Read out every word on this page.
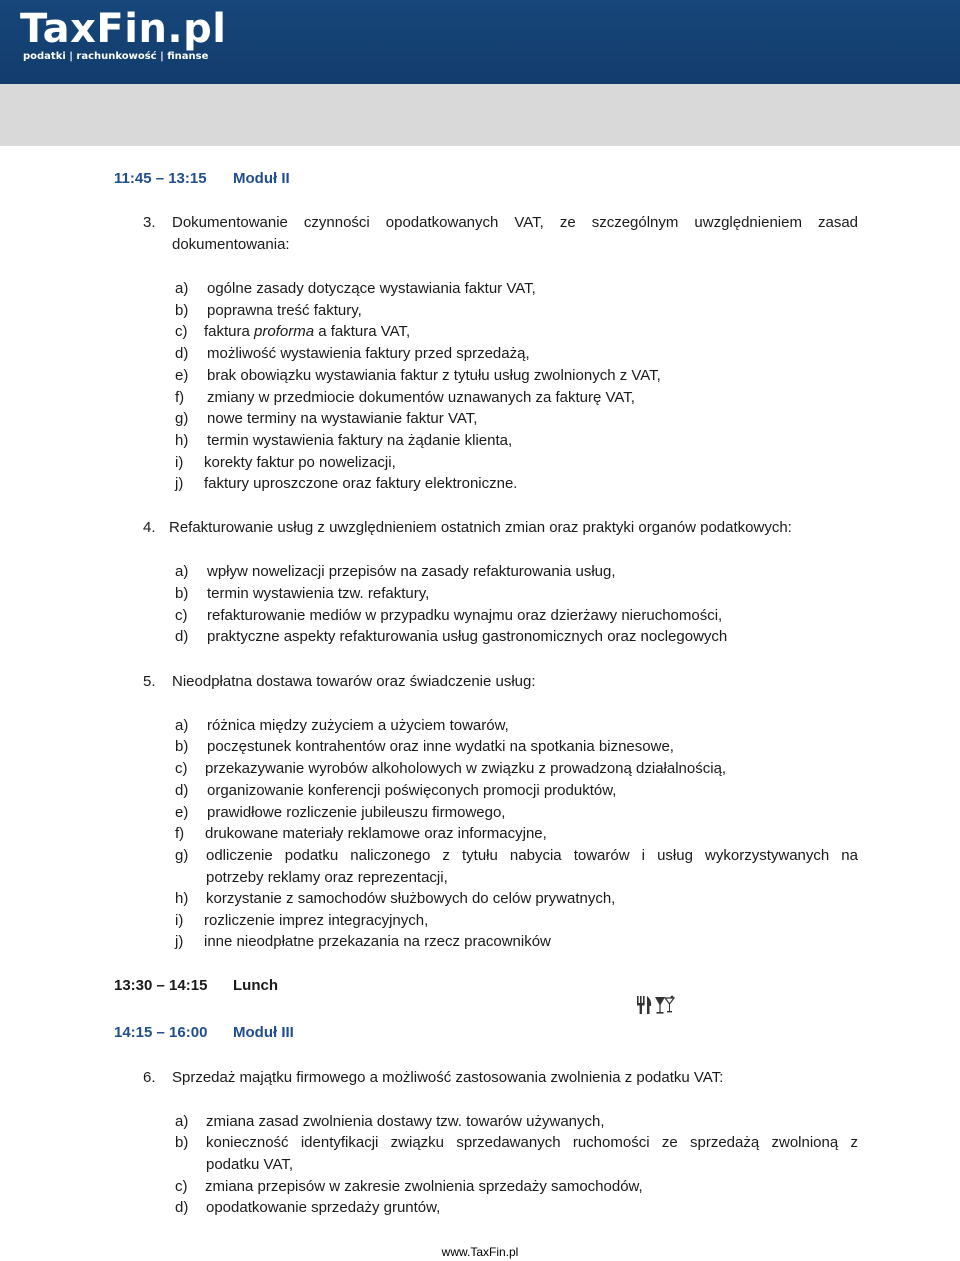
TaxFin.pl
podatki | rachunkowość | finanse
11:45 – 13:15 Moduł II
3. Dokumentowanie czynności opodatkowanych VAT, ze szczególnym uwzględnieniem zasad
dokumentowania:
a) ogólne zasady dotyczące wystawiania faktur VAT,
b) poprawna treść faktury,
c) faktura proforma a faktura VAT,
d) możliwość wystawienia faktury przed sprzedażą,
e) brak obowiązku wystawiania faktur z tytułu usług zwolnionych z VAT,
f) zmiany w przedmiocie dokumentów uznawanych za fakturę VAT,
g) nowe terminy na wystawianie faktur VAT,
h) termin wystawienia faktury na żądanie klienta,
i) korekty faktur po nowelizacji,
j) faktury uproszczone oraz faktury elektroniczne.
4. Refakturowanie usług z uwzględnieniem ostatnich zmian oraz praktyki organów podatkowych:
a) wpływ nowelizacji przepisów na zasady refakturowania usług,
b) termin wystawienia tzw. refaktury,
c) refakturowanie mediów w przypadku wynajmu oraz dzierżawy nieruchomości,
d) praktyczne aspekty refakturowania usług gastronomicznych oraz noclegowych
5. Nieodpłatna dostawa towarów oraz świadczenie usług:
a) różnica między zużyciem a użyciem towarów,
b) poczęstunek kontrahentów oraz inne wydatki na spotkania biznesowe,
c) przekazywanie wyrobów alkoholowych w związku z prowadzoną działalnością,
d) organizowanie konferencji poświęconych promocji produktów,
e) prawidłowe rozliczenie jubileuszu firmowego,
f) drukowane materiały reklamowe oraz informacyjne,
g) odliczenie podatku naliczonego z tytułu nabycia towarów i usług wykorzystywanych na
potrzeby reklamy oraz reprezentacji,
h) korzystanie z samochodów służbowych do celów prywatnych,
i) rozliczenie imprez integracyjnych,
j) inne nieodpłatne przekazania na rzecz pracowników
13:30 – 14:15 Lunch
14:15 – 16:00 Moduł III
6. Sprzedaż majątku firmowego a możliwość zastosowania zwolnienia z podatku VAT:
a) zmiana zasad zwolnienia dostawy tzw. towarów używanych,
b) konieczność identyfikacji związku sprzedawanych ruchomości ze sprzedażą zwolnioną z
podatku VAT,
c) zmiana przepisów w zakresie zwolnienia sprzedaży samochodów,
d) opodatkowanie sprzedaży gruntów,
www.TaxFin.pl
